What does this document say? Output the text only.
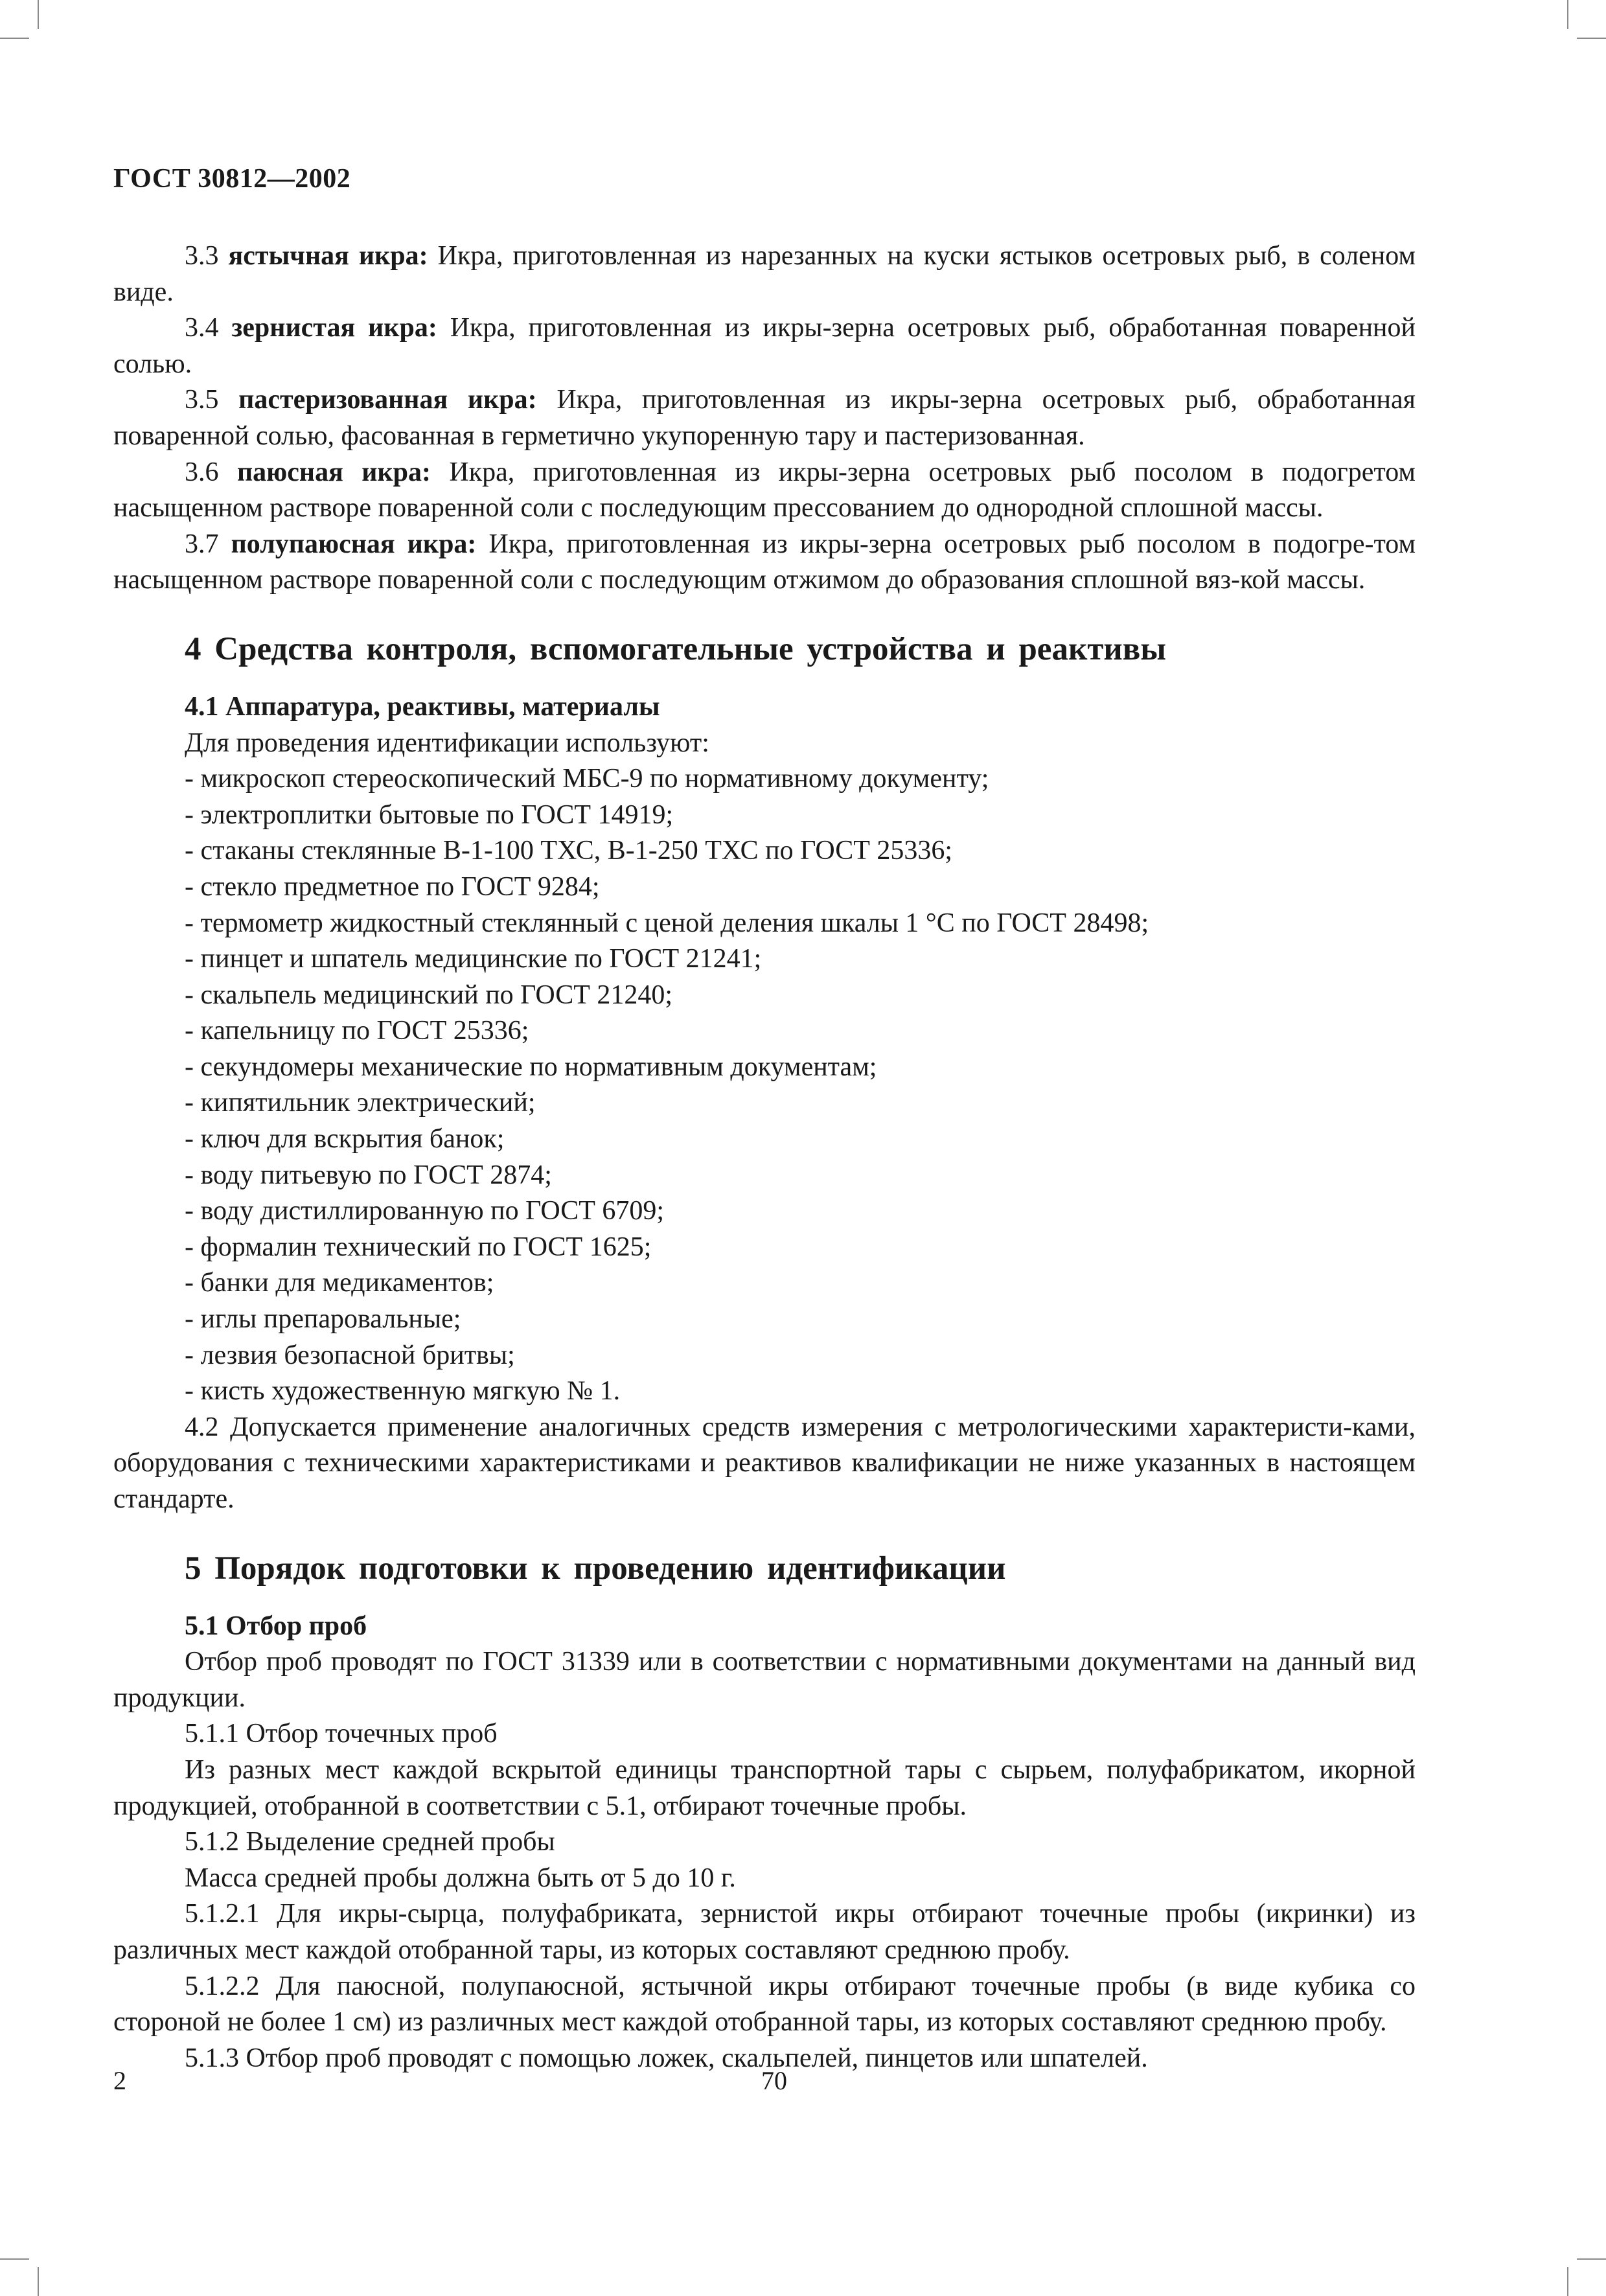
ГОСТ 30812—2002

3.3 ястычная икра: Икра, приготовленная из нарезанных на куски ястыков осетровых рыб, в соленом виде.

3.4 зернистая икра: Икра, приготовленная из икры-зерна осетровых рыб, обработанная поваренной солью.

3.5 пастеризованная икра: Икра, приготовленная из икры-зерна осетровых рыб, обработанная поваренной солью, фасованная в герметично укупоренную тару и пастеризованная.

3.6 паюсная икра: Икра, приготовленная из икры-зерна осетровых рыб посолом в подогретом насыщенном растворе поваренной соли с последующим прессованием до однородной сплошной массы.

3.7 полупаюсная икра: Икра, приготовленная из икры-зерна осетровых рыб посолом в подогре-том насыщенном растворе поваренной соли с последующим отжимом до образования сплошной вяз-кой массы.

4 Средства контроля, вспомогательные устройства и реактивы
4.1 Аппаратура, реактивы, материалы

Для проведения идентификации используют:

- микроскоп стереоскопический МБС-9 по нормативному документу;
- электроплитки бытовые по ГОСТ 14919;
- стаканы стеклянные В-1-100 ТХС, В-1-250 ТХС по ГОСТ 25336;
- стекло предметное по ГОСТ 9284;
- термометр жидкостный стеклянный с ценой деления шкалы 1 °С по ГОСТ 28498;
- пинцет и шпатель медицинские по ГОСТ 21241;
- скальпель медицинский по ГОСТ 21240;
- капельницу по ГОСТ 25336;
- секундомеры механические по нормативным документам;
- кипятильник электрический;
- ключ для вскрытия банок;
- воду питьевую по ГОСТ 2874;
- воду дистиллированную по ГОСТ 6709;
- формалин технический по ГОСТ 1625;
- банки для медикаментов;
- иглы препаровальные;
- лезвия безопасной бритвы;
- кисть художественную мягкую № 1.

4.2 Допускается применение аналогичных средств измерения с метрологическими характеристи-ками, оборудования с техническими характеристиками и реактивов квалификации не ниже указанных в настоящем стандарте.

5 Порядок подготовки к проведению идентификации
5.1 Отбор проб

Отбор проб проводят по ГОСТ 31339 или в соответствии с нормативными документами на данный вид продукции.

5.1.1 Отбор точечных проб

Из разных мест каждой вскрытой единицы транспортной тары с сырьем, полуфабрикатом, икорной продукцией, отобранной в соответствии с 5.1, отбирают точечные пробы.

5.1.2 Выделение средней пробы

Масса средней пробы должна быть от 5 до 10 г.

5.1.2.1 Для икры-сырца, полуфабриката, зернистой икры отбирают точечные пробы (икринки) из различных мест каждой отобранной тары, из которых составляют среднюю пробу.

5.1.2.2 Для паюсной, полупаюсной, ястычной икры отбирают точечные пробы (в виде кубика со стороной не более 1 см) из различных мест каждой отобранной тары, из которых составляют среднюю пробу.

5.1.3 Отбор проб проводят с помощью ложек, скальпелей, пинцетов или шпателей.

2	70
